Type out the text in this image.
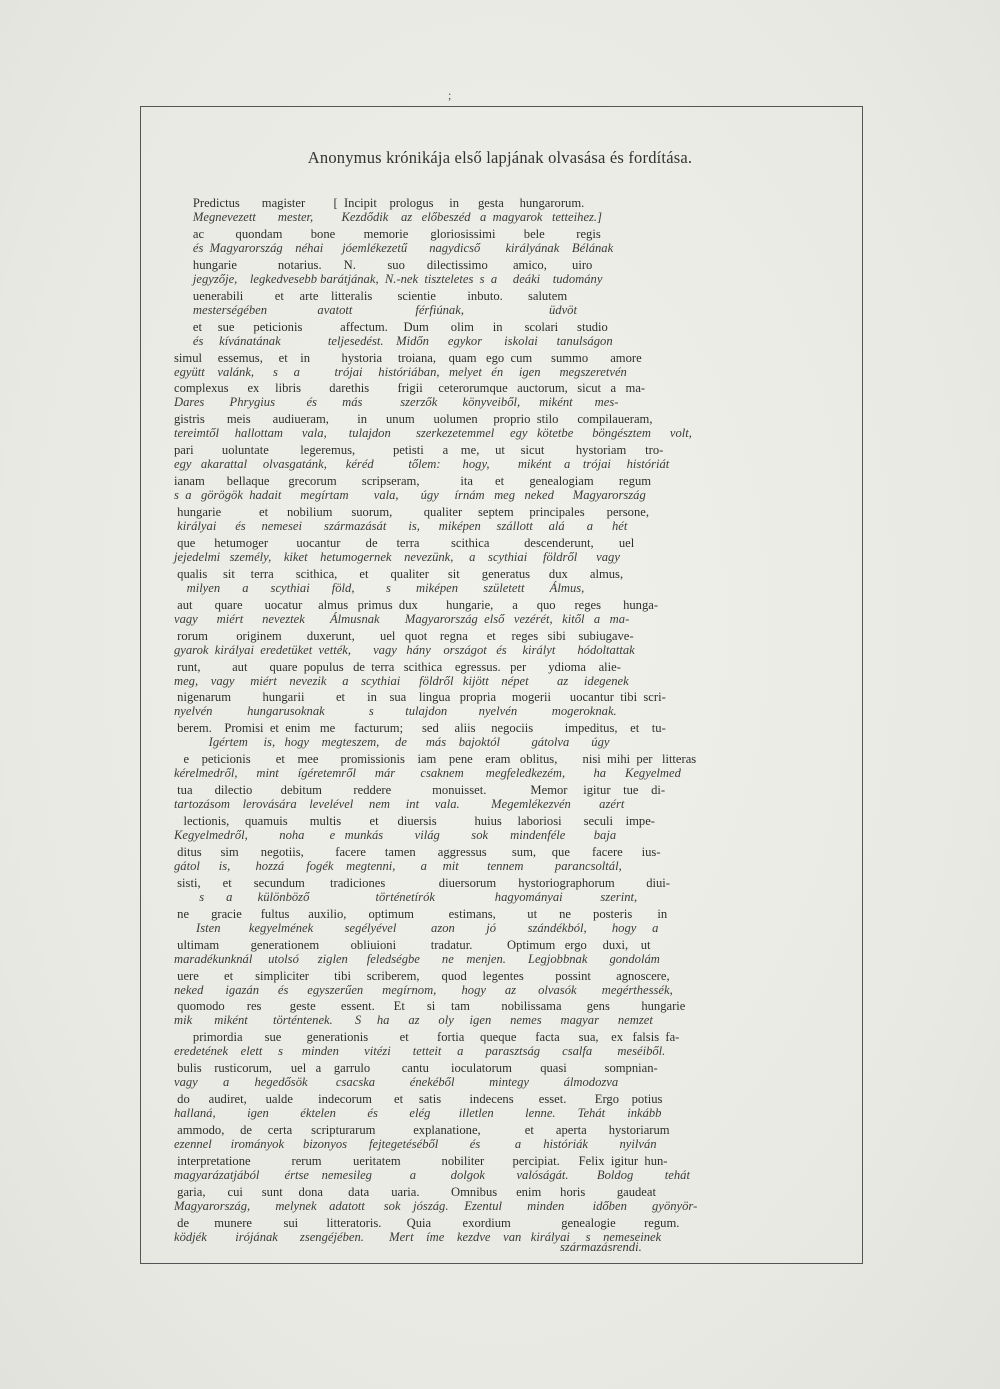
;
Anonymus krónikája első lapjának olvasása és fordítása.
Predictus       magister         [  Incipit    prologus     in      gesta     hungarorum.
Megnevezett       mester,         Kezdődik    az   előbeszéd   a  magyarok   tetteihez.]
ac          quondam         bone         memorie       gloriosissimi         bele          regis
és  Magyarország    néhai      jóemlékezetű       nagydicső        királyának    Bélának
hungarie             notarius.       N.          suo       dilectissimo        amico,        uiro
jegyzője,    legkedvesebb barátjának,  N.-nek  tiszteletes  s  a     deáki    tudomány
uenerabili          et     arte    litteralis        scientie          inbuto.        salutem
mesterségében                avatott                    férfiúnak,                           üdvöt
et     sue      peticionis            affectum.     Dum       olim      in       scolari      studio
és     kívánatának               teljesedést.    Midőn      egykor       iskolai      tanulságon
simul     essemus,     et    in          hystoria     troiana,    quam   ego  cum      summo       amore
együtt    valánk,      s     a           trójai     históriában,   melyet   én     igen      megszeretvén
complexus      ex     libris         darethis         frigii     ceterorumque   auctorum,   sicut   a   ma-
Dares        Phrygius          és        más            szerzők        könyveiből,      miként       mes-
gistris       meis       audiueram,         in      unum      uolumen     proprio  stilo      compilaueram,
tereimtől     hallottam      vala,       tulajdon        szerkezetemmel     egy   kötetbe      böngésztem      volt,
pari         uoluntate          legeremus,            petisti      a    me,     ut     sicut          hystoriam      tro-
egy   akarattal     olvasgatánk,      kéréd           tőlem:       hogy,         miként    a    trójai     históriát
ianam       bellaque      grecorum        scripseram,             ita       et        genealogiam        regum
s  a   görögök  hadait      megírtam        vala,       úgy     írnám   meg   neked      Magyarország
hungarie            et      nobilium      suorum,          qualiter     septem     principales       persone,
királyai      és     nemesei       származását       is,      miképen     szállott     alá       a      hét
que      hetumoger         uocantur        de      terra          scithica           descenderunt,        uel
jejedelmi   személy,    kiket    hetumogernek    nevezünk,     a    scythiai     földről      vagy
qualis     sit     terra       scithica,       et       qualiter      sit       generatus      dux       almus,
milyen       a       scythiai       föld,          s        miképen        született        Álmus,
aut       quare       uocatur     almus   primus  dux         hungarie,      a      quo      reges       hunga-
vagy      miért      neveztek        Álmusnak        Magyarország  első   vezérét,   kitől   a   ma-
rorum         originem        duxerunt,        uel   quot    regna      et     reges   sibi    subiugave-
gyarok  királyai  eredetüket  vették,       vagy   hány    országot   és     királyt       hódoltattak
runt,          aut       quare  populus   de  terra   scithica    egressus.   per       ydioma    alie-
meg,    vagy     miért    nevezik     a    scythiai      földről   kijött    népet         az     idegenek
nigenarum          hungarii          et       in    sua    lingua   propria     mogerii      uocantur  tibi  scri-
nyelvén           hungarusoknak              s          tulajdon          nyelvén           mogeroknak.
berem.    Promisi  et  enim   me      facturum;      sed     aliis     negociis          impeditus,    et    tu-
Igértem     is,   hogy    megteszem,     de      más    bajoktól          gátolva       úgy
e    peticionis        et    mee       promissionis    iam    pene    eram   oblitus,        nisi  mihi  per   litteras
kérelmedről,      mint      ígéretemről      már        csaknem       megfeledkezém,         ha      Kegyelmed
tua       dilectio         debitum          reddere             monuisset.              Memor     igitur    tue    di-
tartozásom    lerovására    levelével     nem     int     vala.          Megemlékezvén         azért
lectionis,     quamuis       multis         et      diuersis            huius     laboriosi       seculi    impe-
Kegyelmedről,          noha        e   munkás          világ          sok       mindenféle         baja
ditus      sim       negotiis,          facere      tamen       aggressus        sum,     que       facere      ius-
gátol      is,        hozzá       fogék    megtenni,        a     mit         tennem          parancsoltál,
sisti,       et       secundum        tradiciones                 diuersorum       hystoriographorum          diui-
s       a        különböző                     történetírók                   hagyományai            szerint,
ne       gracie      fultus      auxilio,       optimum           estimans,          ut       ne       posteris        in
Isten         kegyelmének          segélyével           azon          jó          szándékból,        hogy     a
ultimam          generationem          obliuioni           tradatur.           Optimum   ergo     duxi,    ut
maradékunknál     utolsó      ziglen      feledségbe       ne    menjen.       Legjobbnak       gondolám
uere        et       simpliciter        tibi     scriberem,       quod     legentes          possint        agnoscere,
neked       igazán      és      egyszerűen      megírnom,        hogy      az       olvasók        megérthessék,
quomodo       res         geste        essent.      Et       si     tam          nobilissama        gens          hungarie
mik       miként        történtenek.       S     ha      az      oly     igen      nemes      magyar      nemzet
primordia       sue        generationis          et         fortia     queque      facta      sua,    ex   falsis  fa-
eredetének    elett     s      minden        vitézi       tetteit     a       parasztság       csalfa        meséiből.
bulis    rusticorum,      uel   a    garrulo          cantu       ioculatorum         quasi            sompnian-
vagy        a        hegedősök         csacska           énekéből           mintegy           álmodozva
do      audiret,      ualde        indecorum       et     satis         indecens        esset.         Ergo    potius
hallaná,          igen          éktelen          és          elég         illetlen          lenne.       Tehát       inkább
ammodo,     de     certa      scripturarum            explanatione,              et       aperta       hystoriarum
ezennel      irományok      bizonyos       fejtegetéséből          és           a       históriák          nyilván
interpretatione             rerum          ueritatem             nobiliter         percipiat.      Felix  igitur  hun-
magyarázatjából        értse    nemesileg            a           dolgok          valóságát.         Boldog          tehát
garia,       cui      sunt     dona        data       uaria.          Omnibus      enim      horis          gaudeat
Magyarország,        melynek    adatott      sok    jószág.     Ezentul        minden         időben        gyönyör-
de        munere          sui         litteratoris.        Quia          exordium                genealogie         regum.
ködjék         irójának       zsengéjében.        Mert    íme    kezdve    van   királyai     s    nemeseinek
származásrendi.
